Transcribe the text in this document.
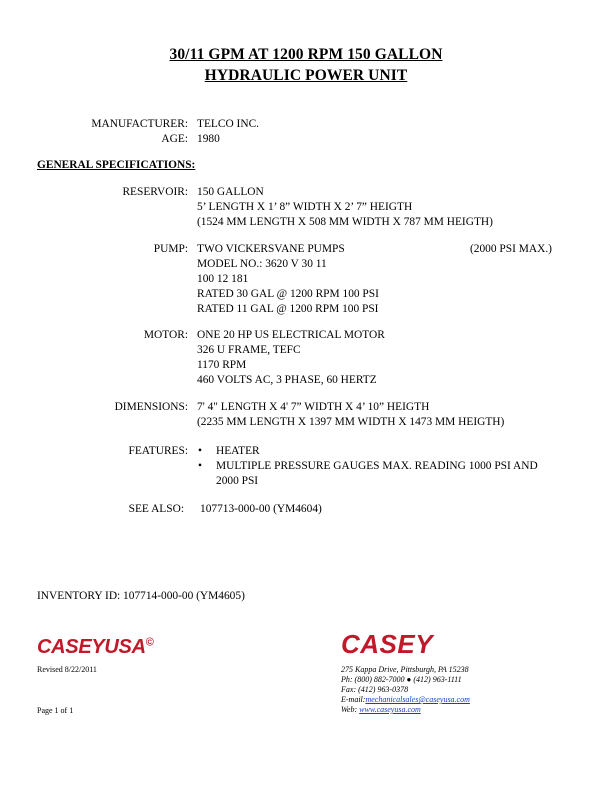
30/11 GPM AT 1200 RPM 150 GALLON
HYDRAULIC POWER UNIT
MANUFACTURER: TELCO INC.
AGE: 1980
GENERAL SPECIFICATIONS:
RESERVOIR: 150 GALLON
5’ LENGTH X 1’ 8” WIDTH X 2’ 7” HEIGTH
(1524 MM LENGTH X 508 MM WIDTH X 787 MM HEIGTH)
PUMP: TWO VICKERSVANE PUMPS
MODEL NO.: 3620 V 30 11
100 12 181
RATED 30 GAL @ 1200 RPM 100 PSI
RATED 11 GAL @ 1200 RPM 100 PSI
(2000 PSI MAX.)
MOTOR: ONE 20 HP US ELECTRICAL MOTOR
326 U FRAME, TEFC
1170 RPM
460 VOLTS AC, 3 PHASE, 60 HERTZ
DIMENSIONS: 7' 4" LENGTH X 4' 7” WIDTH X 4’ 10” HEIGTH
(2235 MM LENGTH X 1397 MM WIDTH X 1473 MM HEIGTH)
FEATURES: • HEATER
• MULTIPLE PRESSURE GAUGES MAX. READING 1000 PSI AND
2000 PSI
SEE ALSO: 107713-000-00 (YM4604)
INVENTORY ID: 107714-000-00 (YM4605)
CASEYUSA©
Revised 8/22/2011
Page 1 of 1
CASEY
275 Kappa Drive, Pittsburgh, PA 15238
Ph: (800) 882-7000 ● (412) 963-1111
Fax: (412) 963-0378
E-mail:mechanicalsales@caseyusa.com
Web: www.caseyusa.com
